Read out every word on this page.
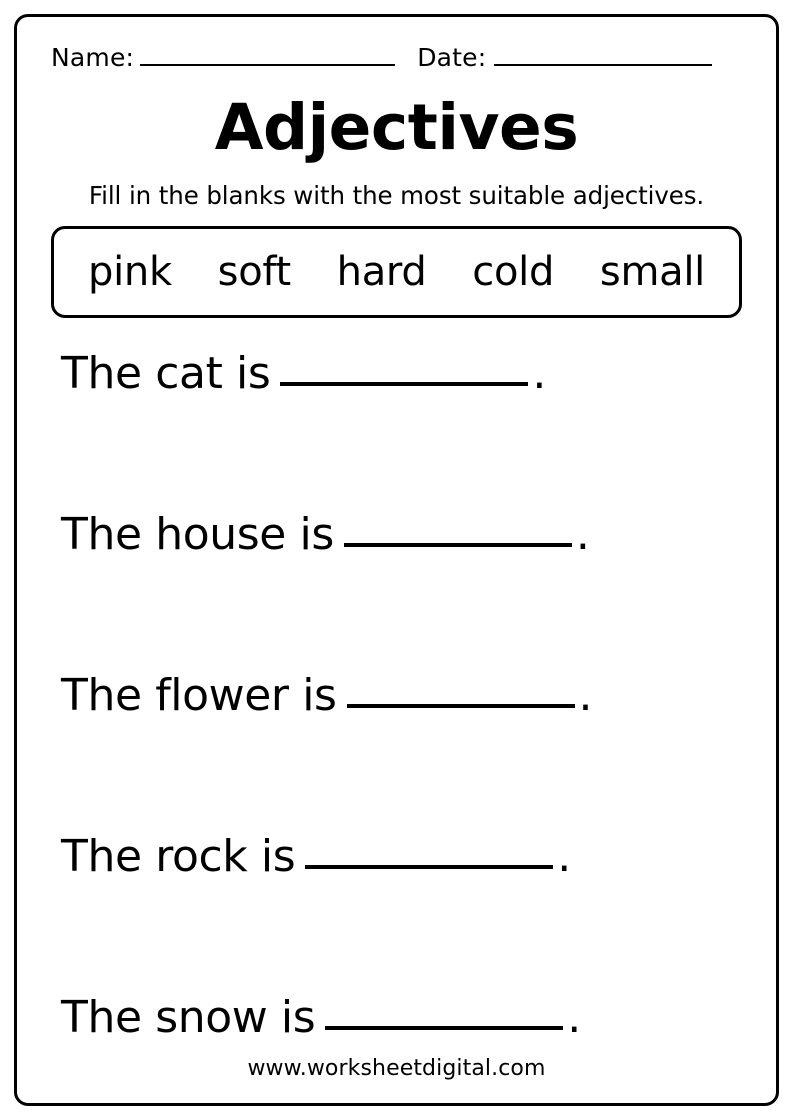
Name:	Date:
Adjectives

Fill in the blanks with the most suitable adjectives.

pink soft hard cold small
The cat is	.
The house is	.
The flower is	.
The rock is	.
The snow is	.
www.worksheetdigital.com
